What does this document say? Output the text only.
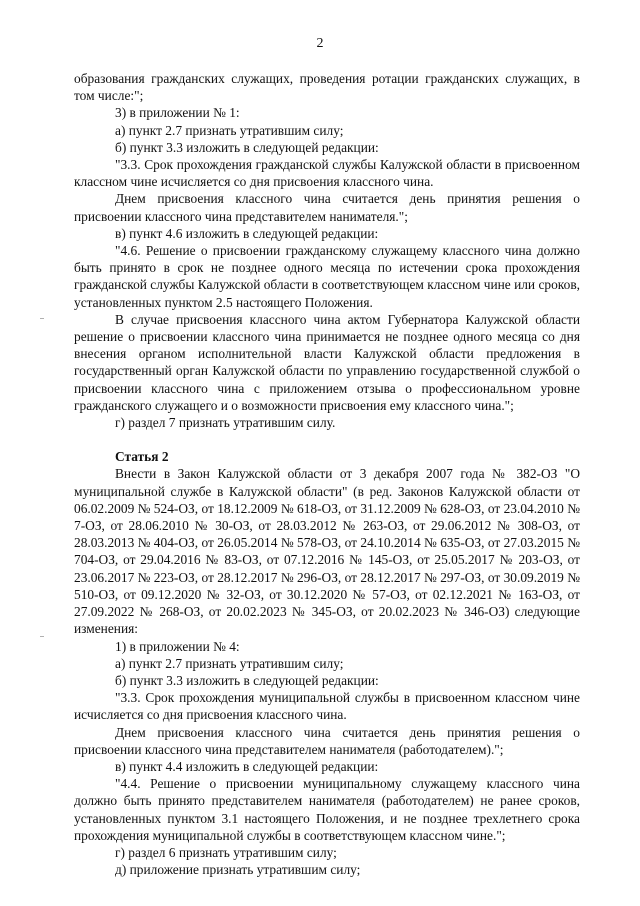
2

образования гражданских служащих, проведения ротации гражданских служащих, в том числе:";

3) в приложении № 1:

а) пункт 2.7 признать утратившим силу;

б) пункт 3.3 изложить в следующей редакции:

"3.3. Срок прохождения гражданской службы Калужской области в присвоенном классном чине исчисляется со дня присвоения классного чина.

Днем присвоения классного чина считается день принятия решения о присвоении классного чина представителем нанимателя.";

в) пункт 4.6 изложить в следующей редакции:

"4.6. Решение о присвоении гражданскому служащему классного чина должно быть принято в срок не позднее одного месяца по истечении срока прохождения гражданской службы Калужской области в соответствующем классном чине или сроков, установленных пунктом 2.5 настоящего Положения.

В случае присвоения классного чина актом Губернатора Калужской области решение о присвоении классного чина принимается не позднее одного месяца со дня внесения органом исполнительной власти Калужской области предложения в государственный орган Калужской области по управлению государственной службой о присвоении классного чина с приложением отзыва о профессиональном уровне гражданского служащего и о возможности присвоения ему классного чина.";

г) раздел 7 признать утратившим силу.

Статья 2

Внести в Закон Калужской области от 3 декабря 2007 года № 382-ОЗ "О муниципальной службе в Калужской области" (в ред. Законов Калужской области от 06.02.2009 № 524-ОЗ, от 18.12.2009 № 618-ОЗ, от 31.12.2009 № 628-ОЗ, от 23.04.2010 № 7-ОЗ, от 28.06.2010 № 30-ОЗ, от 28.03.2012 № 263-ОЗ, от 29.06.2012 № 308-ОЗ, от 28.03.2013 № 404-ОЗ, от 26.05.2014 № 578-ОЗ, от 24.10.2014 № 635-ОЗ, от 27.03.2015 № 704-ОЗ, от 29.04.2016 № 83-ОЗ, от 07.12.2016 № 145-ОЗ, от 25.05.2017 № 203-ОЗ, от 23.06.2017 № 223-ОЗ, от 28.12.2017 № 296-ОЗ, от 28.12.2017 № 297-ОЗ, от 30.09.2019 № 510-ОЗ, от 09.12.2020 № 32-ОЗ, от 30.12.2020 № 57-ОЗ, от 02.12.2021 № 163-ОЗ, от 27.09.2022 № 268-ОЗ, от 20.02.2023 № 345-ОЗ, от 20.02.2023 № 346-ОЗ) следующие изменения:

1) в приложении № 4:

а) пункт 2.7 признать утратившим силу;

б) пункт 3.3 изложить в следующей редакции:

"3.3. Срок прохождения муниципальной службы в присвоенном классном чине исчисляется со дня присвоения классного чина.

Днем присвоения классного чина считается день принятия решения о присвоении классного чина представителем нанимателя (работодателем).";

в) пункт 4.4 изложить в следующей редакции:

"4.4. Решение о присвоении муниципальному служащему классного чина должно быть принято представителем нанимателя (работодателем) не ранее сроков, установленных пунктом 3.1 настоящего Положения, и не позднее трехлетнего срока прохождения муниципальной службы в соответствующем классном чине.";

г) раздел 6 признать утратившим силу;

д) приложение признать утратившим силу;
